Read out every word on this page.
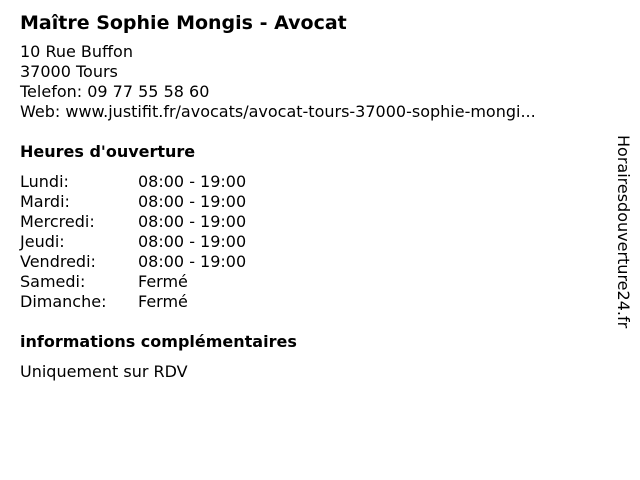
Maître Sophie Mongis - Avocat
10 Rue Buffon
37000 Tours
Telefon: 09 77 55 58 60
Web: www.justifit.fr/avocats/avocat-tours-37000-sophie-mongi...
Heures d'ouverture
Lundi:	08:00 - 19:00
Mardi:	08:00 - 19:00
Mercredi:	08:00 - 19:00
Jeudi:	08:00 - 19:00
Vendredi:	08:00 - 19:00
Samedi:	Fermé
Dimanche:	Fermé
informations complémentaires
Uniquement sur RDV
Horairesdouverture24.fr
